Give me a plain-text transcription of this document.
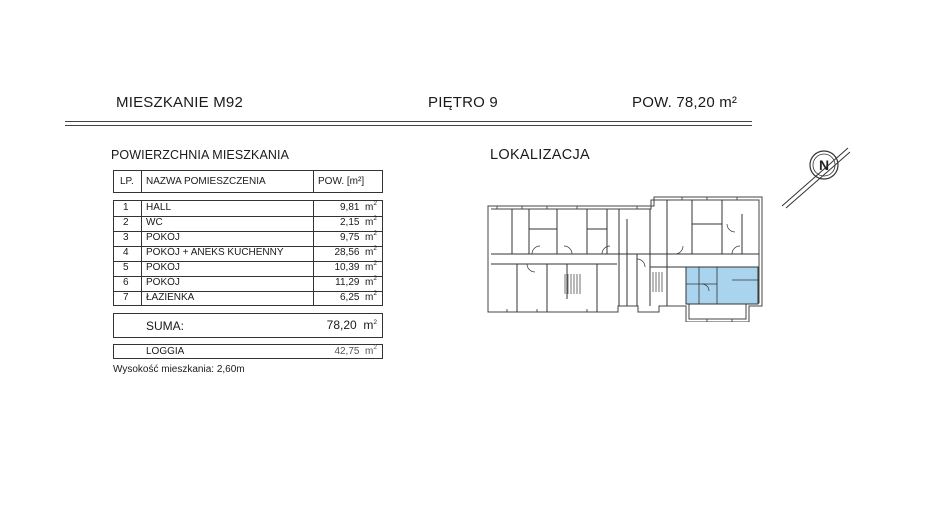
MIESZKANIE M92	PIĘTRO 9	POW. 78,20 m²
POWIERZCHNIA MIESZKANIA
LP. NAZWA POMIESZCZENIA	POW. [m²]
1 HALL	9,81 $m^2$
2 WC	2,15 $m^2$
3 POKÓJ	9,75 $m^2$
4 POKÓJ + ANEKS KUCHENNY	28,56 $m^2$
5 POKÓJ	10,39 $m^2$
6 POKÓJ	11,29 $m^2$
7 ŁAZIENKA	6,25 $m^2$
SUMA:	78,20 $m^2$
LOGGIA	42,75 $m^2$
Wysokość mieszkania: 2,60m
LOKALIZACJA
N
